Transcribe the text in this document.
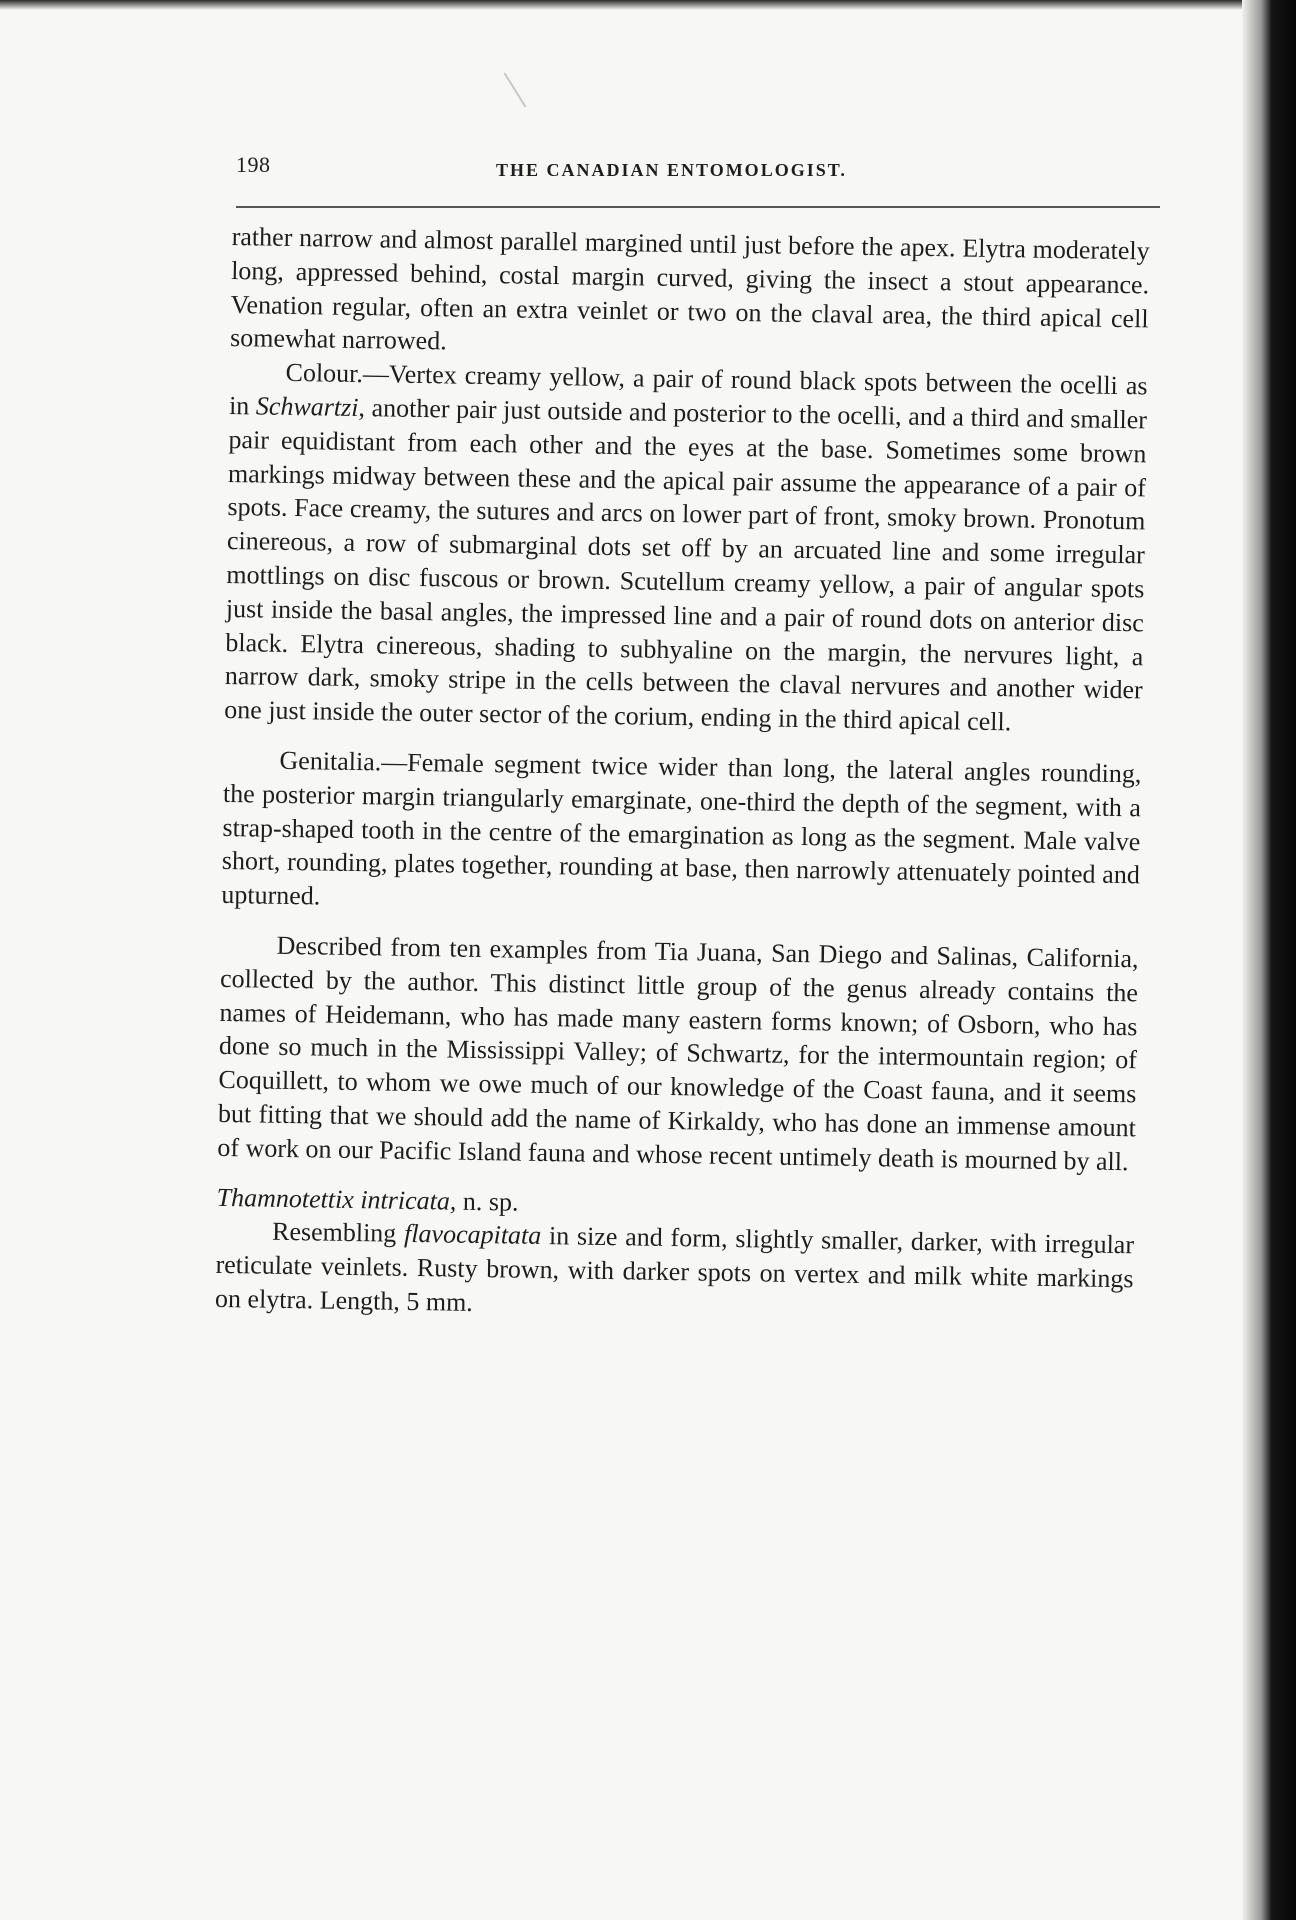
198	THE CANADIAN ENTOMOLOGIST.

rather narrow and almost parallel margined until just before the apex. Elytra moderately long, appressed behind, costal margin curved, giving the insect a stout appearance. Venation regular, often an extra veinlet or two on the claval area, the third apical cell somewhat narrowed.

Colour.—Vertex creamy yellow, a pair of round black spots between the ocelli as in Schwartzi, another pair just outside and posterior to the ocelli, and a third and smaller pair equidistant from each other and the eyes at the base. Sometimes some brown markings midway between these and the apical pair assume the appearance of a pair of spots. Face creamy, the sutures and arcs on lower part of front, smoky brown. Pronotum cinereous, a row of submarginal dots set off by an arcuated line and some irregular mottlings on disc fuscous or brown. Scutellum creamy yellow, a pair of angular spots just inside the basal angles, the impressed line and a pair of round dots on anterior disc black. Elytra cinereous, shading to subhyaline on the margin, the nervures light, a narrow dark, smoky stripe in the cells between the claval nervures and another wider one just inside the outer sector of the corium, ending in the third apical cell.

Genitalia.—Female segment twice wider than long, the lateral angles rounding, the posterior margin triangularly emarginate, one-third the depth of the segment, with a strap-shaped tooth in the centre of the emargination as long as the segment. Male valve short, rounding, plates together, rounding at base, then narrowly attenuately pointed and upturned.

Described from ten examples from Tia Juana, San Diego and Salinas, California, collected by the author. This distinct little group of the genus already contains the names of Heidemann, who has made many eastern forms known; of Osborn, who has done so much in the Mississippi Valley; of Schwartz, for the intermountain region; of Coquillett, to whom we owe much of our knowledge of the Coast fauna, and it seems but fitting that we should add the name of Kirkaldy, who has done an immense amount of work on our Pacific Island fauna and whose recent untimely death is mourned by all.

Thamnotettix intricata, n. sp.

Resembling flavocapitata in size and form, slightly smaller, darker, with irregular reticulate veinlets. Rusty brown, with darker spots on vertex and milk white markings on elytra. Length, 5 mm.
